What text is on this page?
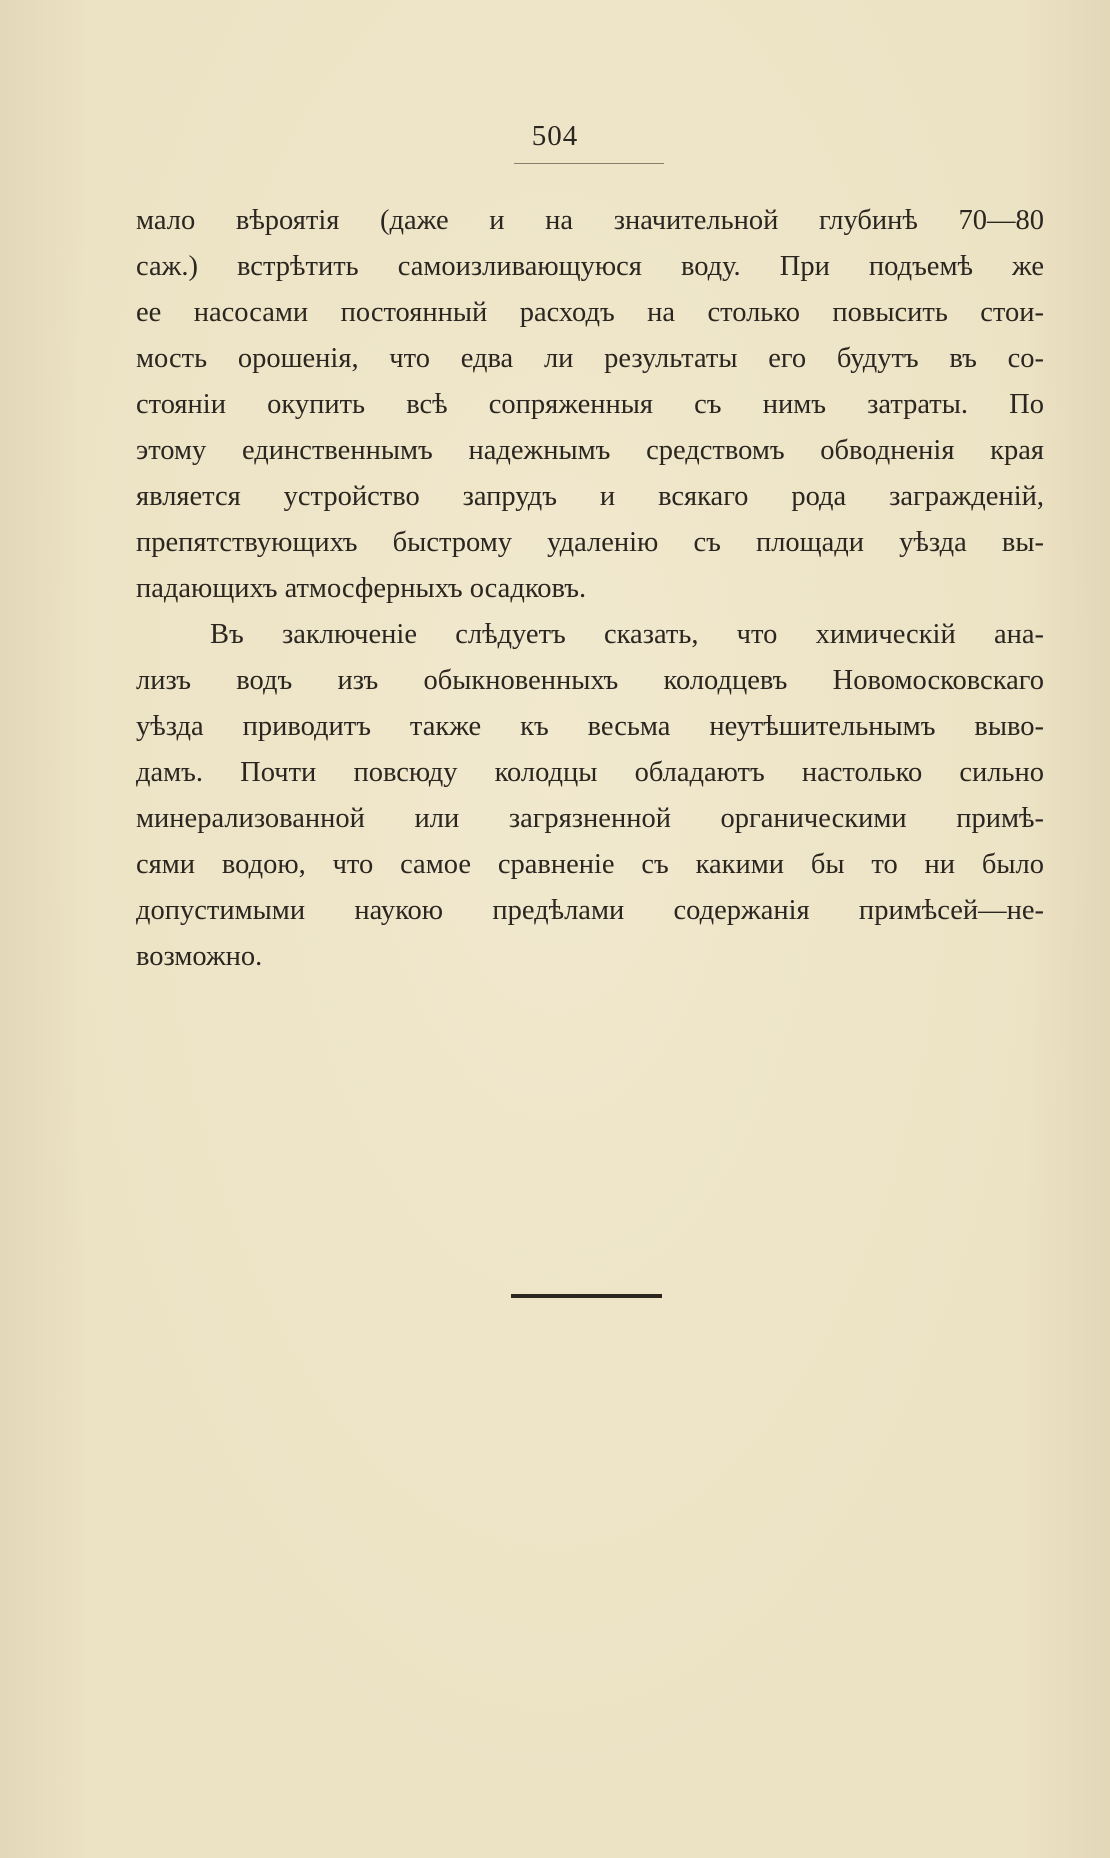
504
мало вѣроятія (даже и на значительной глубинѣ 70—80
саж.) встрѣтить самоизливающуюся воду. При подъемѣ же
ее насосами постоянный расходъ на столько повысить стои-
мость орошенія, что едва ли результаты его будутъ въ со-
стояніи окупить всѣ сопряженныя съ нимъ затраты. По
этому единственнымъ надежнымъ средствомъ обводненія края
является устройство запрудъ и всякаго рода загражденій,
препятствующихъ быстрому удаленію съ площади уѣзда вы-
падающихъ атмосферныхъ осадковъ.
Въ заключеніе слѣдуетъ сказать, что химическій ана-
лизъ водъ изъ обыкновенныхъ колодцевъ Новомосковскаго
уѣзда приводитъ также къ весьма неутѣшительнымъ выво-
дамъ. Почти повсюду колодцы обладаютъ настолько сильно
минерализованной или загрязненной органическими примѣ-
сями водою, что самое сравненіе съ какими бы то ни было
допустимыми наукою предѣлами содержанія примѣсей—не-
возможно.
